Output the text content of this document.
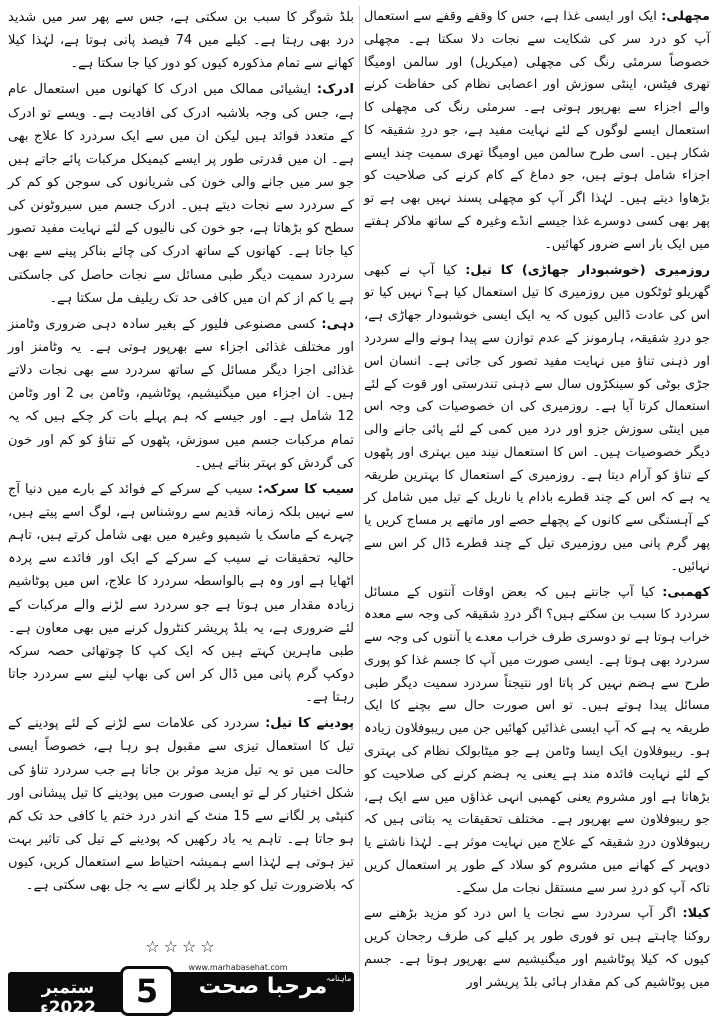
مچھلی: ایک اور ایسی غذا ہے، جس کا وقفے وقفے سے استعمال آپ کو درد سر کی شکایت سے نجات دلا سکتا ہے۔ مچھلی خصوصاً سرمئی رنگ کی مچھلی (میکریل) اور سالمن اومیگا تھری فیٹس، اینٹی سوزش اور اعصابی نظام کی حفاظت کرنے والے اجزاء سے بھرپور ہوتی ہے۔ سرمئی رنگ کی مچھلی کا استعمال ایسے لوگوں کے لئے نہایت مفید ہے، جو دردِ شقیقہ کا شکار ہیں۔ اسی طرح سالمن میں اومیگا تھری سمیت چند ایسے اجزاء شامل ہوتے ہیں، جو دماغ کے کام کرنے کی صلاحیت کو بڑھاوا دیتے ہیں۔ لہٰذا اگر آپ کو مچھلی پسند نہیں بھی ہے تو پھر بھی کسی دوسرے غذا جیسے انڈے وغیرہ کے ساتھ ملاکر ہفتے میں ایک بار اسے ضرور کھائیں۔

روزمیری (خوشبودار جھاڑی) کا تیل: کیا آپ نے کبھی گھریلو ٹوٹکوں میں روزمیری کا تیل استعمال کیا ہے؟ نہیں کیا تو اس کی عادت ڈالیں کیوں کہ یہ ایک ایسی خوشبودار جھاڑی ہے، جو دردِ شقیقہ، ہارمونز کے عدم توازن سے پیدا ہونے والے سردرد اور ذہنی تناؤ میں نہایت مفید تصور کی جاتی ہے۔ انسان اس جڑی بوٹی کو سینکڑوں سال سے ذہنی تندرستی اور قوت کے لئے استعمال کرتا آیا ہے۔ روزمیری کی ان خصوصیات کی وجہ اس میں اینٹی سوزش جزو اور درد میں کمی کے لئے پائی جانے والی دیگر خصوصیات ہیں۔ اس کا استعمال نیند میں بہتری اور پٹھوں کے تناؤ کو آرام دیتا ہے۔ روزمیری کے استعمال کا بہترین طریقہ یہ ہے کہ اس کے چند قطرے بادام یا ناریل کے تیل میں شامل کر کے آہستگی سے کانوں کے پچھلے حصے اور ماتھے پر مساج کریں یا پھر گرم پانی میں روزمیری تیل کے چند قطرے ڈال کر اس سے نہائیں۔

کھمبی: کیا آپ جانتے ہیں کہ بعض اوقات آنتوں کے مسائل سردرد کا سبب بن سکتے ہیں؟ اگر دردِ شقیقہ کی وجہ سے معدہ خراب ہوتا ہے تو دوسری طرف خراب معدے یا آنتوں کی وجہ سے سردرد بھی ہوتا ہے۔ ایسی صورت میں آپ کا جسم غذا کو پوری طرح سے ہضم نہیں کر پاتا اور نتیجتاً سردرد سمیت دیگر طبی مسائل پیدا ہوتے ہیں۔ تو اس صورت حال سے بچنے کا ایک طریقہ یہ ہے کہ آپ ایسی غذائیں کھائیں جن میں ریبوفلاون زیادہ ہو۔ ریبوفلاون ایک ایسا وٹامن ہے جو میٹابولک نظام کی بہتری کے لئے نہایت فائدہ مند ہے یعنی یہ ہضم کرنے کی صلاحیت کو بڑھاتا ہے اور مشروم یعنی کھمبی انہی غذاؤں میں سے ایک ہے، جو ریبوفلاون سے بھرپور ہے۔ مختلف تحقیقات یہ بتاتی ہیں کہ ریبوفلاون دردِ شقیقہ کے علاج میں نہایت موثر ہے۔ لہٰذا ناشتے یا دوپہر کے کھانے میں مشروم کو سلاد کے طور پر استعمال کریں تاکہ آپ کو دردِ سر سے مستقل نجات مل سکے۔

کیلا: اگر آپ سردرد سے نجات یا اس درد کو مزید بڑھنے سے روکنا چاہتے ہیں تو فوری طور پر کیلے کی طرف رجحان کریں کیوں کہ کیلا پوٹاشیم اور میگنیشیم سے بھرپور ہوتا ہے۔ جسم میں پوٹاشیم کی کم مقدار ہائی بلڈ پریشر اور

بلڈ شوگر کا سبب بن سکتی ہے، جس سے پھر سر میں شدید درد بھی رہتا ہے۔ کیلے میں 74 فیصد پانی ہوتا ہے، لہٰذا کیلا کھانے سے تمام مذکورہ کیوں کو دور کیا جا سکتا ہے۔

ادرک: ایشیائی ممالک میں ادرک کا کھانوں میں استعمال عام ہے، جس کی وجہ بلاشبہ ادرک کی افادیت ہے۔ ویسے تو ادرک کے متعدد فوائد ہیں لیکن ان میں سے ایک سردرد کا علاج بھی ہے۔ ان میں قدرتی طور پر ایسے کیمیکل مرکبات پائے جاتے ہیں جو سر میں جانے والی خون کی شریانوں کی سوجن کو کم کر کے سردرد سے نجات دیتے ہیں۔ ادرک جسم میں سیروٹونن کی سطح کو بڑھاتا ہے، جو خون کی نالیوں کے لئے نہایت مفید تصور کیا جاتا ہے۔ کھانوں کے ساتھ ادرک کی چائے بناکر پینے سے بھی سردرد سمیت دیگر طبی مسائل سے نجات حاصل کی جاسکتی ہے یا کم از کم ان میں کافی حد تک ریلیف مل سکتا ہے۔

دہی: کسی مصنوعی فلیور کے بغیر سادہ دہی ضروری وٹامنز اور مختلف غذائی اجزاء سے بھرپور ہوتی ہے۔ یہ وٹامنز اور غذائی اجزا دیگر مسائل کے ساتھ سردرد سے بھی نجات دلاتے ہیں۔ ان اجزاء میں میگنیشیم، پوٹاشیم، وٹامن بی 2 اور وٹامن 12 شامل ہے۔ اور جیسے کہ ہم پہلے بات کر چکے ہیں کہ یہ تمام مرکبات جسم میں سوزش، پٹھوں کے تناؤ کو کم اور خون کی گردش کو بہتر بناتے ہیں۔

سیب کا سرکہ: سیب کے سرکے کے فوائد کے بارے میں دنیا آج سے نہیں بلکہ زمانہ قدیم سے روشناس ہے، لوگ اسے پیتے ہیں، چہرے کے ماسک یا شیمپو وغیرہ میں بھی شامل کرتے ہیں، تاہم حالیہ تحقیقات نے سیب کے سرکے کے ایک اور فائدے سے پردہ اٹھایا ہے اور وہ ہے بالواسطہ سردرد کا علاج، اس میں پوٹاشیم زیادہ مقدار میں ہوتا ہے جو سردرد سے لڑنے والے مرکبات کے لئے ضروری ہے، یہ بلڈ پریشر کنٹرول کرنے میں بھی معاون ہے۔ طبی ماہرین کہتے ہیں کہ ایک کپ کا چوتھائی حصہ سرکہ دوکپ گرم پانی میں ڈال کر اس کی بھاپ لینے سے سردرد جاتا رہتا ہے۔

پودینے کا تیل: سردرد کی علامات سے لڑنے کے لئے پودینے کے تیل کا استعمال تیزی سے مقبول ہو رہا ہے، خصوصاً ایسی حالت میں تو یہ تیل مزید موثر بن جاتا ہے جب سردرد تناؤ کی شکل اختیار کر لے تو ایسی صورت میں پودینے کا تیل پیشانی اور کنپٹی پر لگانے سے 15 منٹ کے اندر درد ختم یا کافی حد تک کم ہو جاتا ہے۔ تاہم یہ یاد رکھیں کہ پودینے کے تیل کی تاثیر بہت تیز ہوتی ہے لہٰذا اسے ہمیشہ احتیاط سے استعمال کریں، کیوں کہ بلاضرورت تیل کو جلد پر لگانے سے یہ جل بھی سکتی ہے۔

☆☆☆☆
www.marhabasehat.com
ستمبر 2022ء	5	مرحبا صحت
ماہنامہ
